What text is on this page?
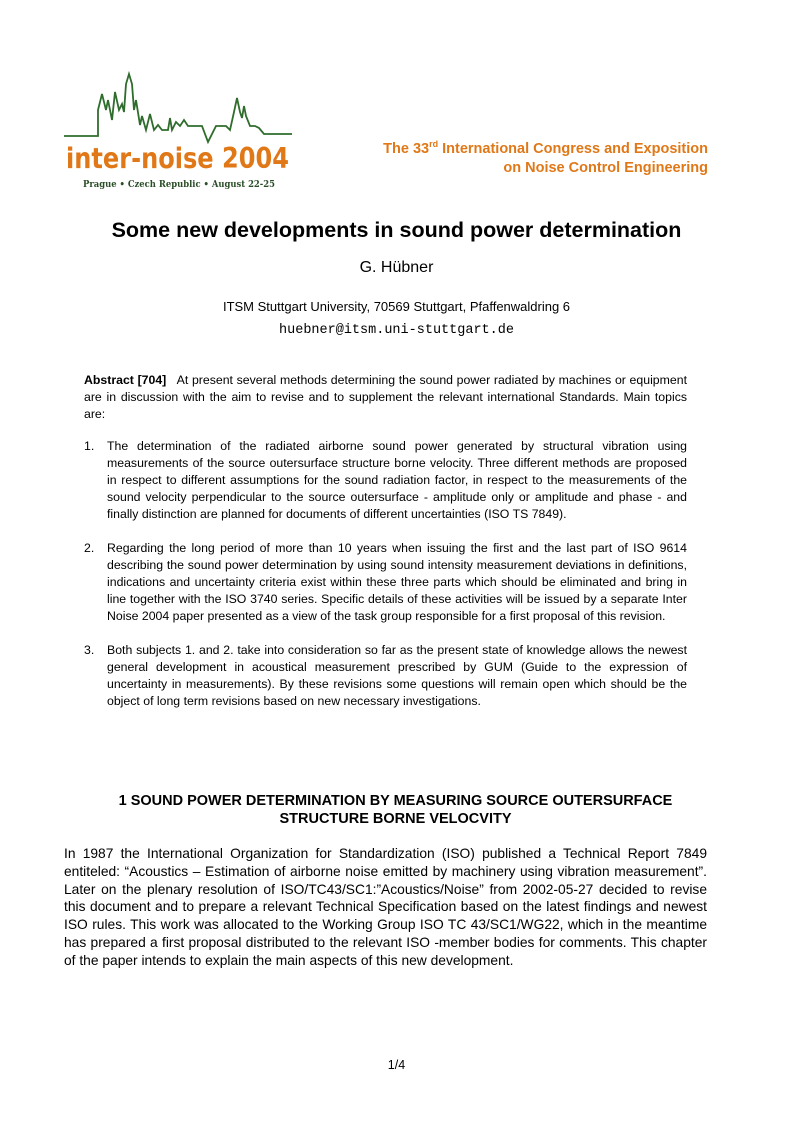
inter-noise 2004
Prague • Czech Republic • August 22-25
The 33rd International Congress and Exposition
on Noise Control Engineering
Some new developments in sound power determination
G. Hübner
ITSM Stuttgart University, 70569 Stuttgart, Pfaffenwaldring 6
huebner@itsm.uni-stuttgart.de

Abstract [704] At present several methods determining the sound power radiated by machines or equipment are in discussion with the aim to revise and to supplement the relevant international Standards. Main topics are:

1. The determination of the radiated airborne sound power generated by structural vibration using measurements of the source outersurface structure borne velocity. Three different methods are proposed in respect to different assumptions for the sound radiation factor, in respect to the measurements of the sound velocity perpendicular to the source outersurface - amplitude only or amplitude and phase - and finally distinction are planned for documents of different uncertainties (ISO TS 7849).
2. Regarding the long period of more than 10 years when issuing the first and the last part of ISO 9614 describing the sound power determination by using sound intensity measurement deviations in definitions, indications and uncertainty criteria exist within these three parts which should be eliminated and bring in line together with the ISO 3740 series. Specific details of these activities will be issued by a separate Inter Noise 2004 paper presented as a view of the task group responsible for a first proposal of this revision.
3. Both subjects 1. and 2. take into consideration so far as the present state of knowledge allows the newest general development in acoustical measurement prescribed by GUM (Guide to the expression of uncertainty in measurements). By these revisions some questions will remain open which should be the object of long term revisions based on new necessary investigations.
1 SOUND POWER DETERMINATION BY MEASURING SOURCE OUTERSURFACE STRUCTURE BORNE VELOCVITY

In 1987 the International Organization for Standardization (ISO) published a Technical Report 7849 entiteled: “Acoustics – Estimation of airborne noise emitted by machinery using vibration measurement”. Later on the plenary resolution of ISO/TC43/SC1:”Acoustics/Noise” from 2002-05-27 decided to revise this document and to prepare a relevant Technical Specification based on the latest findings and newest ISO rules. This work was allocated to the Working Group ISO TC 43/SC1/WG22, which in the meantime has prepared a first proposal distributed to the relevant ISO -member bodies for comments. This chapter of the paper intends to explain the main aspects of this new development.

1/4
